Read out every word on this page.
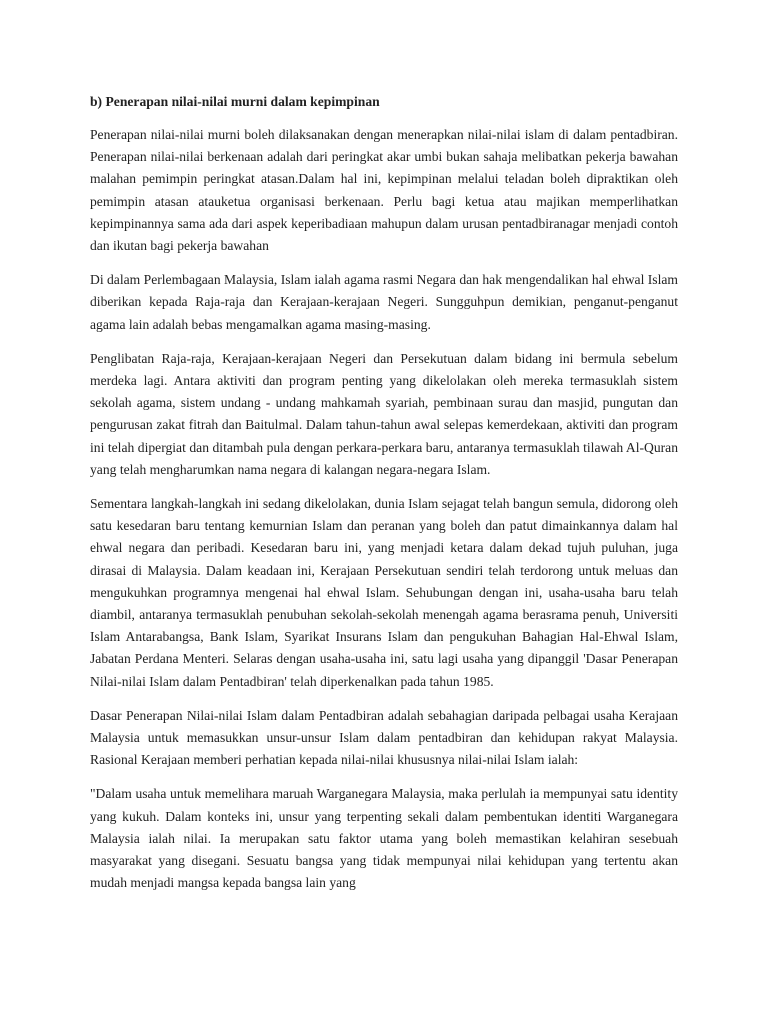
b) Penerapan nilai-nilai murni dalam kepimpinan

Penerapan nilai-nilai murni boleh dilaksanakan dengan menerapkan nilai-nilai islam di dalam pentadbiran. Penerapan nilai-nilai berkenaan adalah dari peringkat akar umbi bukan sahaja melibatkan pekerja bawahan malahan pemimpin peringkat atasan.Dalam hal ini, kepimpinan melalui teladan boleh dipraktikan oleh pemimpin atasan atauketua organisasi berkenaan. Perlu bagi ketua atau majikan memperlihatkan kepimpinannya sama ada dari aspek keperibadiaan mahupun dalam urusan pentadbiranagar menjadi contoh dan ikutan bagi pekerja bawahan

Di dalam Perlembagaan Malaysia, Islam ialah agama rasmi Negara dan hak mengendalikan hal ehwal Islam diberikan kepada Raja-raja dan Kerajaan-kerajaan Negeri. Sungguhpun demikian, penganut-penganut agama lain adalah bebas mengamalkan agama masing-masing.

Penglibatan Raja-raja, Kerajaan-kerajaan Negeri dan Persekutuan dalam bidang ini bermula sebelum merdeka lagi. Antara aktiviti dan program penting yang dikelolakan oleh mereka termasuklah sistem sekolah agama, sistem undang - undang mahkamah syariah, pembinaan surau dan masjid, pungutan dan pengurusan zakat fitrah dan Baitulmal. Dalam tahun-tahun awal selepas kemerdekaan, aktiviti dan program ini telah dipergiat dan ditambah pula dengan perkara-perkara baru, antaranya termasuklah tilawah Al-Quran yang telah mengharumkan nama negara di kalangan negara-negara Islam.

Sementara langkah-langkah ini sedang dikelolakan, dunia Islam sejagat telah bangun semula, didorong oleh satu kesedaran baru tentang kemurnian Islam dan peranan yang boleh dan patut dimainkannya dalam hal ehwal negara dan peribadi. Kesedaran baru ini, yang menjadi ketara dalam dekad tujuh puluhan, juga dirasai di Malaysia. Dalam keadaan ini, Kerajaan Persekutuan sendiri telah terdorong untuk meluas dan mengukuhkan programnya mengenai hal ehwal Islam. Sehubungan dengan ini, usaha-usaha baru telah diambil, antaranya termasuklah penubuhan sekolah-sekolah menengah agama berasrama penuh, Universiti Islam Antarabangsa, Bank Islam, Syarikat Insurans Islam dan pengukuhan Bahagian Hal-Ehwal Islam, Jabatan Perdana Menteri. Selaras dengan usaha-usaha ini, satu lagi usaha yang dipanggil 'Dasar Penerapan Nilai-nilai Islam dalam Pentadbiran' telah diperkenalkan pada tahun 1985.

Dasar Penerapan Nilai-nilai Islam dalam Pentadbiran adalah sebahagian daripada pelbagai usaha Kerajaan Malaysia untuk memasukkan unsur-unsur Islam dalam pentadbiran dan kehidupan rakyat Malaysia. Rasional Kerajaan memberi perhatian kepada nilai-nilai khususnya nilai-nilai Islam ialah:

"Dalam usaha untuk memelihara maruah Warganegara Malaysia, maka perlulah ia mempunyai satu identity yang kukuh. Dalam konteks ini, unsur yang terpenting sekali dalam pembentukan identiti Warganegara Malaysia ialah nilai. Ia merupakan satu faktor utama yang boleh memastikan kelahiran sesebuah masyarakat yang disegani. Sesuatu bangsa yang tidak mempunyai nilai kehidupan yang tertentu akan mudah menjadi mangsa kepada bangsa lain yang
